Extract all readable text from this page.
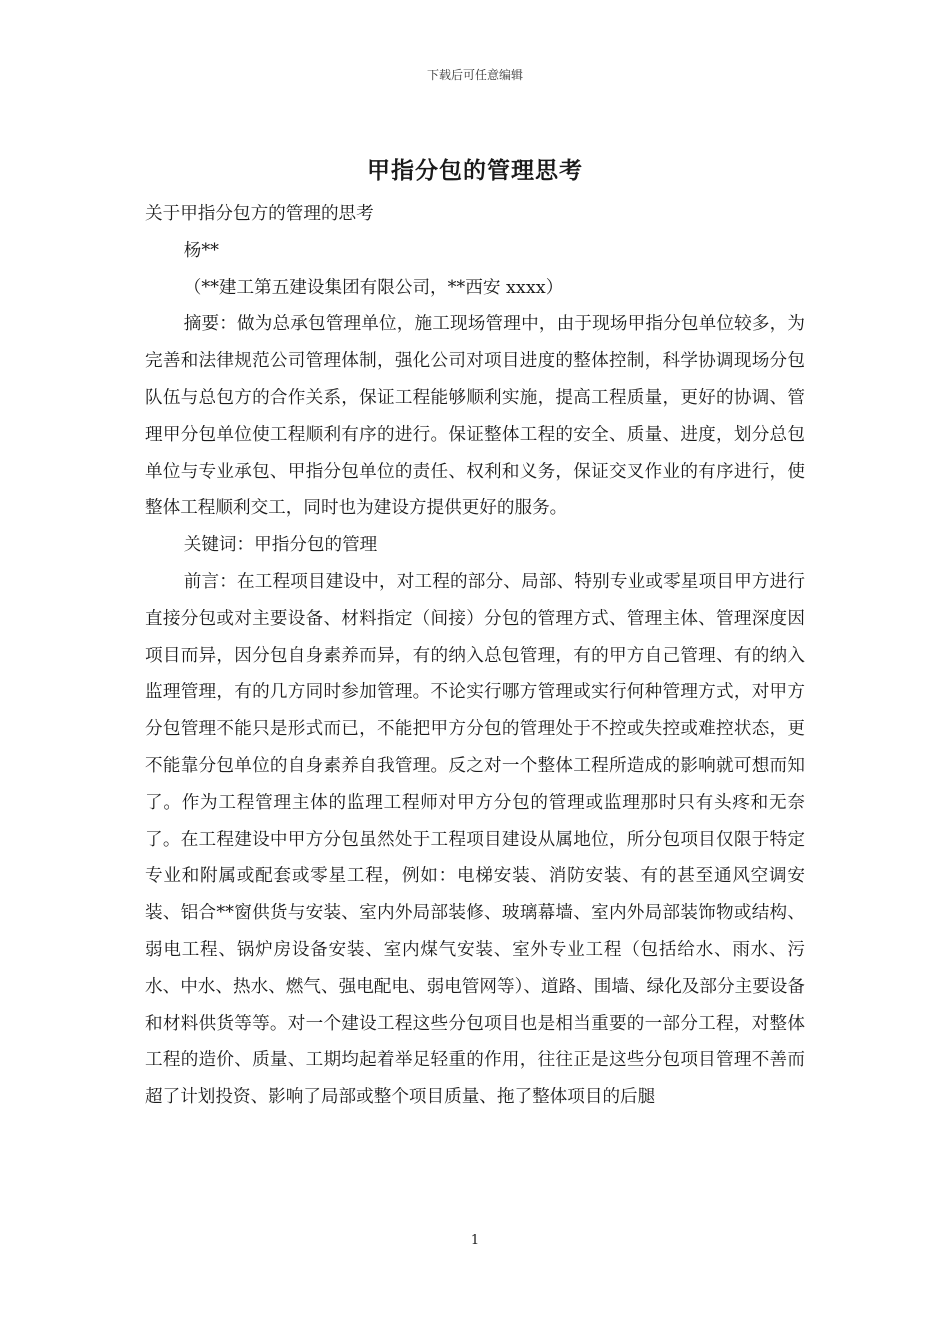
下载后可任意编辑
甲指分包的管理思考

关于甲指分包方的管理的思考

杨**

（**建工第五建设集团有限公司，**西安 xxxx）

摘要：做为总承包管理单位，施工现场管理中，由于现场甲指分包单位较多，为完善和法律规范公司管理体制，强化公司对项目进度的整体控制，科学协调现场分包队伍与总包方的合作关系，保证工程能够顺利实施，提高工程质量，更好的协调、管理甲分包单位使工程顺利有序的进行。保证整体工程的安全、质量、进度，划分总包单位与专业承包、甲指分包单位的责任、权利和义务，保证交叉作业的有序进行，使整体工程顺利交工，同时也为建设方提供更好的服务。

关键词：甲指分包的管理

前言：在工程项目建设中，对工程的部分、局部、特别专业或零星项目甲方进行直接分包或对主要设备、材料指定（间接）分包的管理方式、管理主体、管理深度因项目而异，因分包自身素养而异，有的纳入总包管理，有的甲方自己管理、有的纳入监理管理，有的几方同时参加管理。不论实行哪方管理或实行何种管理方式，对甲方分包管理不能只是形式而已，不能把甲方分包的管理处于不控或失控或难控状态，更不能靠分包单位的自身素养自我管理。反之对一个整体工程所造成的影响就可想而知了。作为工程管理主体的监理工程师对甲方分包的管理或监理那时只有头疼和无奈了。在工程建设中甲方分包虽然处于工程项目建设从属地位，所分包项目仅限于特定专业和附属或配套或零星工程，例如：电梯安装、消防安装、有的甚至通风空调安装、铝合**窗供货与安装、室内外局部装修、玻璃幕墙、室内外局部装饰物或结构、弱电工程、锅炉房设备安装、室内煤气安装、室外专业工程（包括给水、雨水、污水、中水、热水、燃气、强电配电、弱电管网等）、道路、围墙、绿化及部分主要设备和材料供货等等。对一个建设工程这些分包项目也是相当重要的一部分工程，对整体工程的造价、质量、工期均起着举足轻重的作用，往往正是这些分包项目管理不善而超了计划投资、影响了局部或整个项目质量、拖了整体项目的后腿

1
